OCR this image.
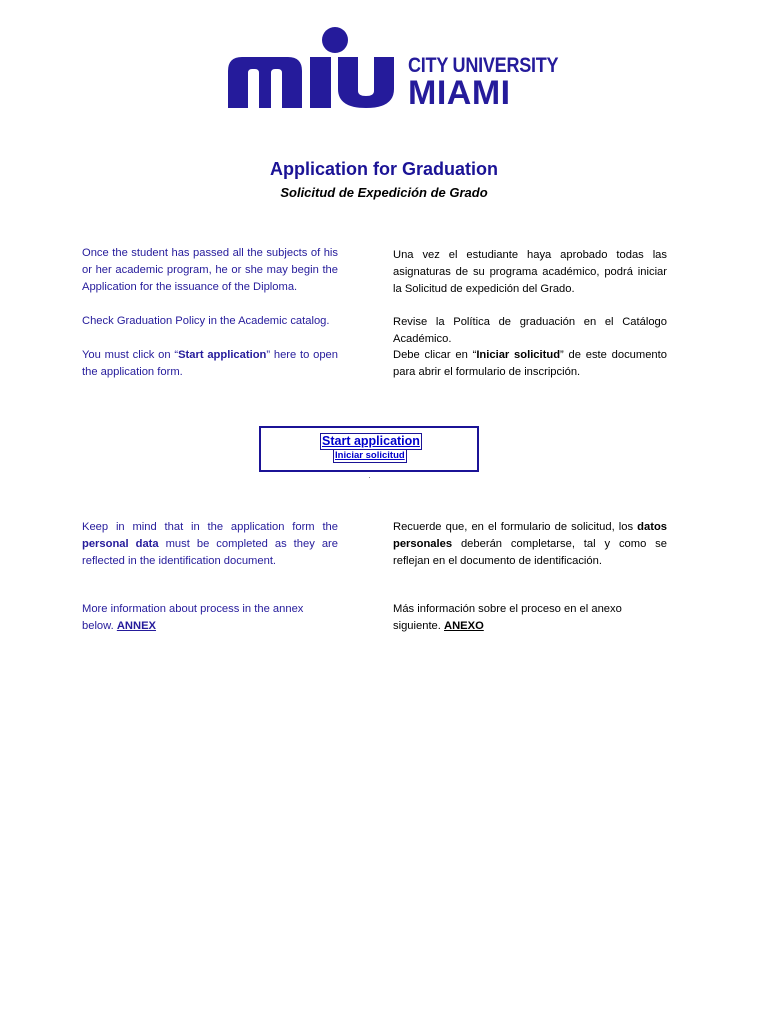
CITY UNIVERSITY
MIAMI
Application for Graduation

Solicitud de Expedición de Grado

Once the student has passed all the subjects of his or her academic program, he or she may begin the Application for the issuance of the Diploma.

Check Graduation Policy in the Academic catalog.

You must click on “Start application” here to open the application form.

Una vez el estudiante haya aprobado todas las asignaturas de su programa académico, podrá iniciar la Solicitud de expedición del Grado.

Revise la Política de graduación en el Catálogo Académico.

Debe clicar en “Iniciar solicitud” de este documento para abrir el formulario de inscripción.

Start application
Iniciar solicitud

Keep in mind that in the application form the personal data must be completed as they are reflected in the identification document.

More information about process in the annex below. ANNEX

Recuerde que, en el formulario de solicitud, los datos personales deberán completarse, tal y como se reflejan en el documento de identificación.

Más información sobre el proceso en el anexo siguiente. ANEXO
